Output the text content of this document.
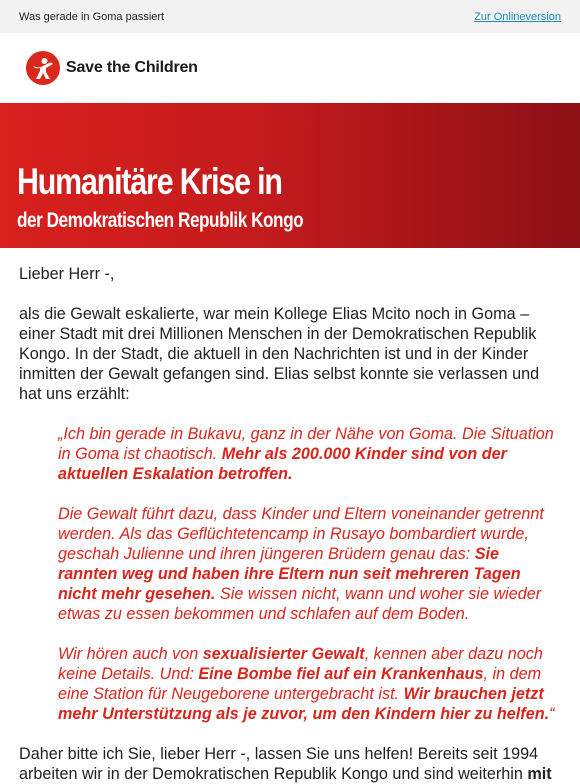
Was gerade in Goma passiert	Zur Onlineversion
Save the Children
Humanitäre Krise in
der Demokratischen Republik Kongo

Lieber Herr -,

als die Gewalt eskalierte, war mein Kollege Elias Mcito noch in Goma – einer Stadt mit drei Millionen Menschen in der Demokratischen Republik Kongo. In der Stadt, die aktuell in den Nachrichten ist und in der Kinder inmitten der Gewalt gefangen sind. Elias selbst konnte sie verlassen und hat uns erzählt:

„Ich bin gerade in Bukavu, ganz in der Nähe von Goma. Die Situation in Goma ist chaotisch. Mehr als 200.000 Kinder sind von der aktuellen Eskalation betroffen.

Die Gewalt führt dazu, dass Kinder und Eltern voneinander getrennt werden. Als das Geflüchtetencamp in Rusayo bombardiert wurde, geschah Julienne und ihren jüngeren Brüdern genau das: Sie rannten weg und haben ihre Eltern nun seit mehreren Tagen nicht mehr gesehen. Sie wissen nicht, wann und woher sie wieder etwas zu essen bekommen und schlafen auf dem Boden.

Wir hören auch von sexualisierter Gewalt, kennen aber dazu noch keine Details. Und: Eine Bombe fiel auf ein Krankenhaus, in dem eine Station für Neugeborene untergebracht ist. Wir brauchen jetzt mehr Unterstützung als je zuvor, um den Kindern hier zu helfen.“

Daher bitte ich Sie, lieber Herr -, lassen Sie uns helfen! Bereits seit 1994 arbeiten wir in der Demokratischen Republik Kongo und sind weiterhin mit
